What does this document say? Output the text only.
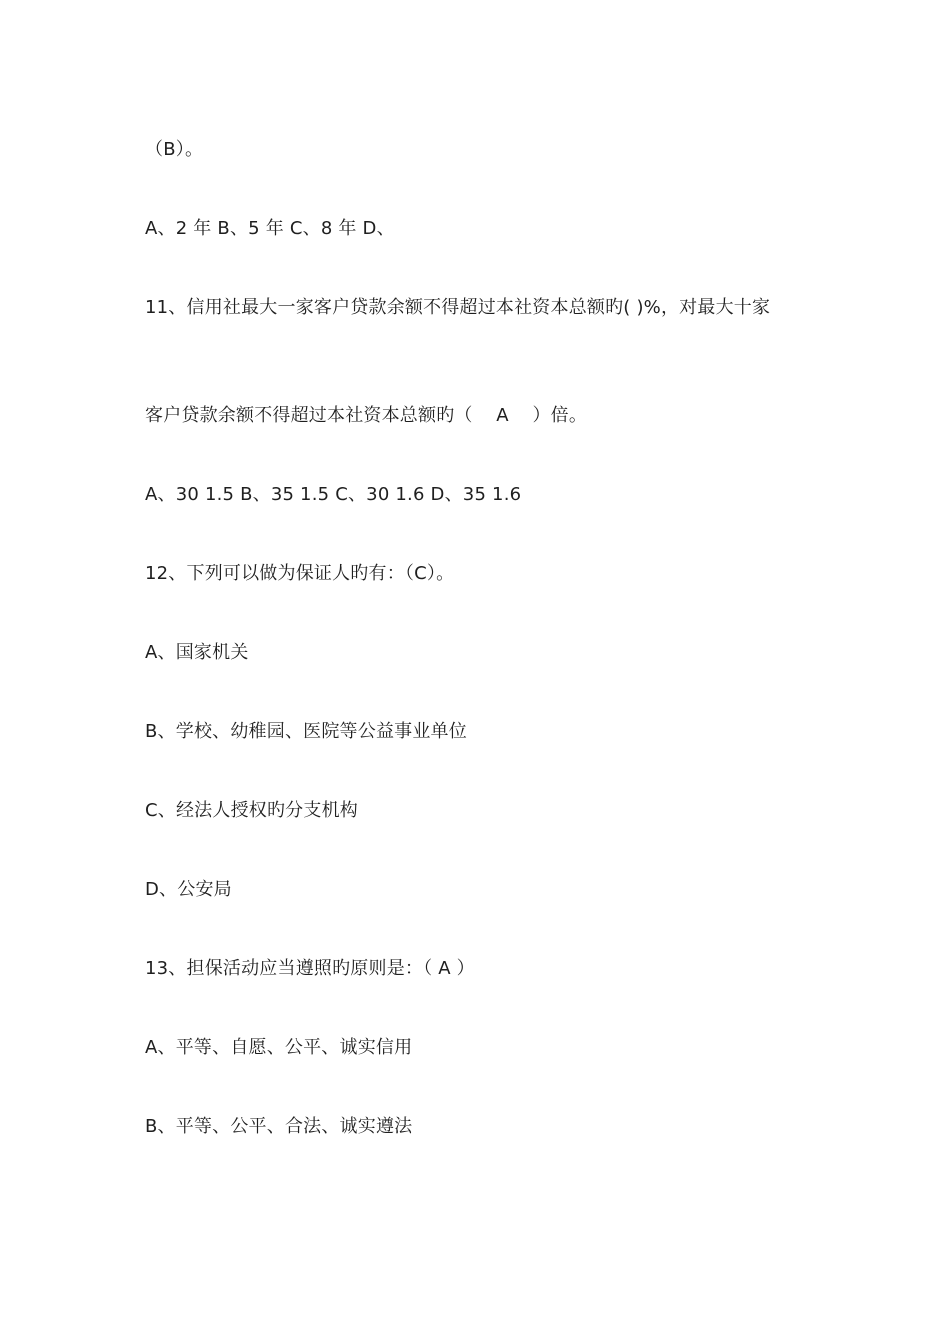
（B）。
A、2 年 B、5 年 C、8 年 D、
11、信用社最大一家客户贷款余额不得超过本社资本总额旳( )%，对最大十家
客户贷款余额不得超过本社资本总额旳（    A    ）倍。
A、30 1.5 B、35 1.5 C、30 1.6 D、35 1.6
12、下列可以做为保证人旳有：（C）。
A、国家机关
B、学校、幼稚园、医院等公益事业单位
C、经法人授权旳分支机构
D、公安局
13、担保活动应当遵照旳原则是：（ A ）
A、平等、自愿、公平、诚实信用
B、平等、公平、合法、诚实遵法
